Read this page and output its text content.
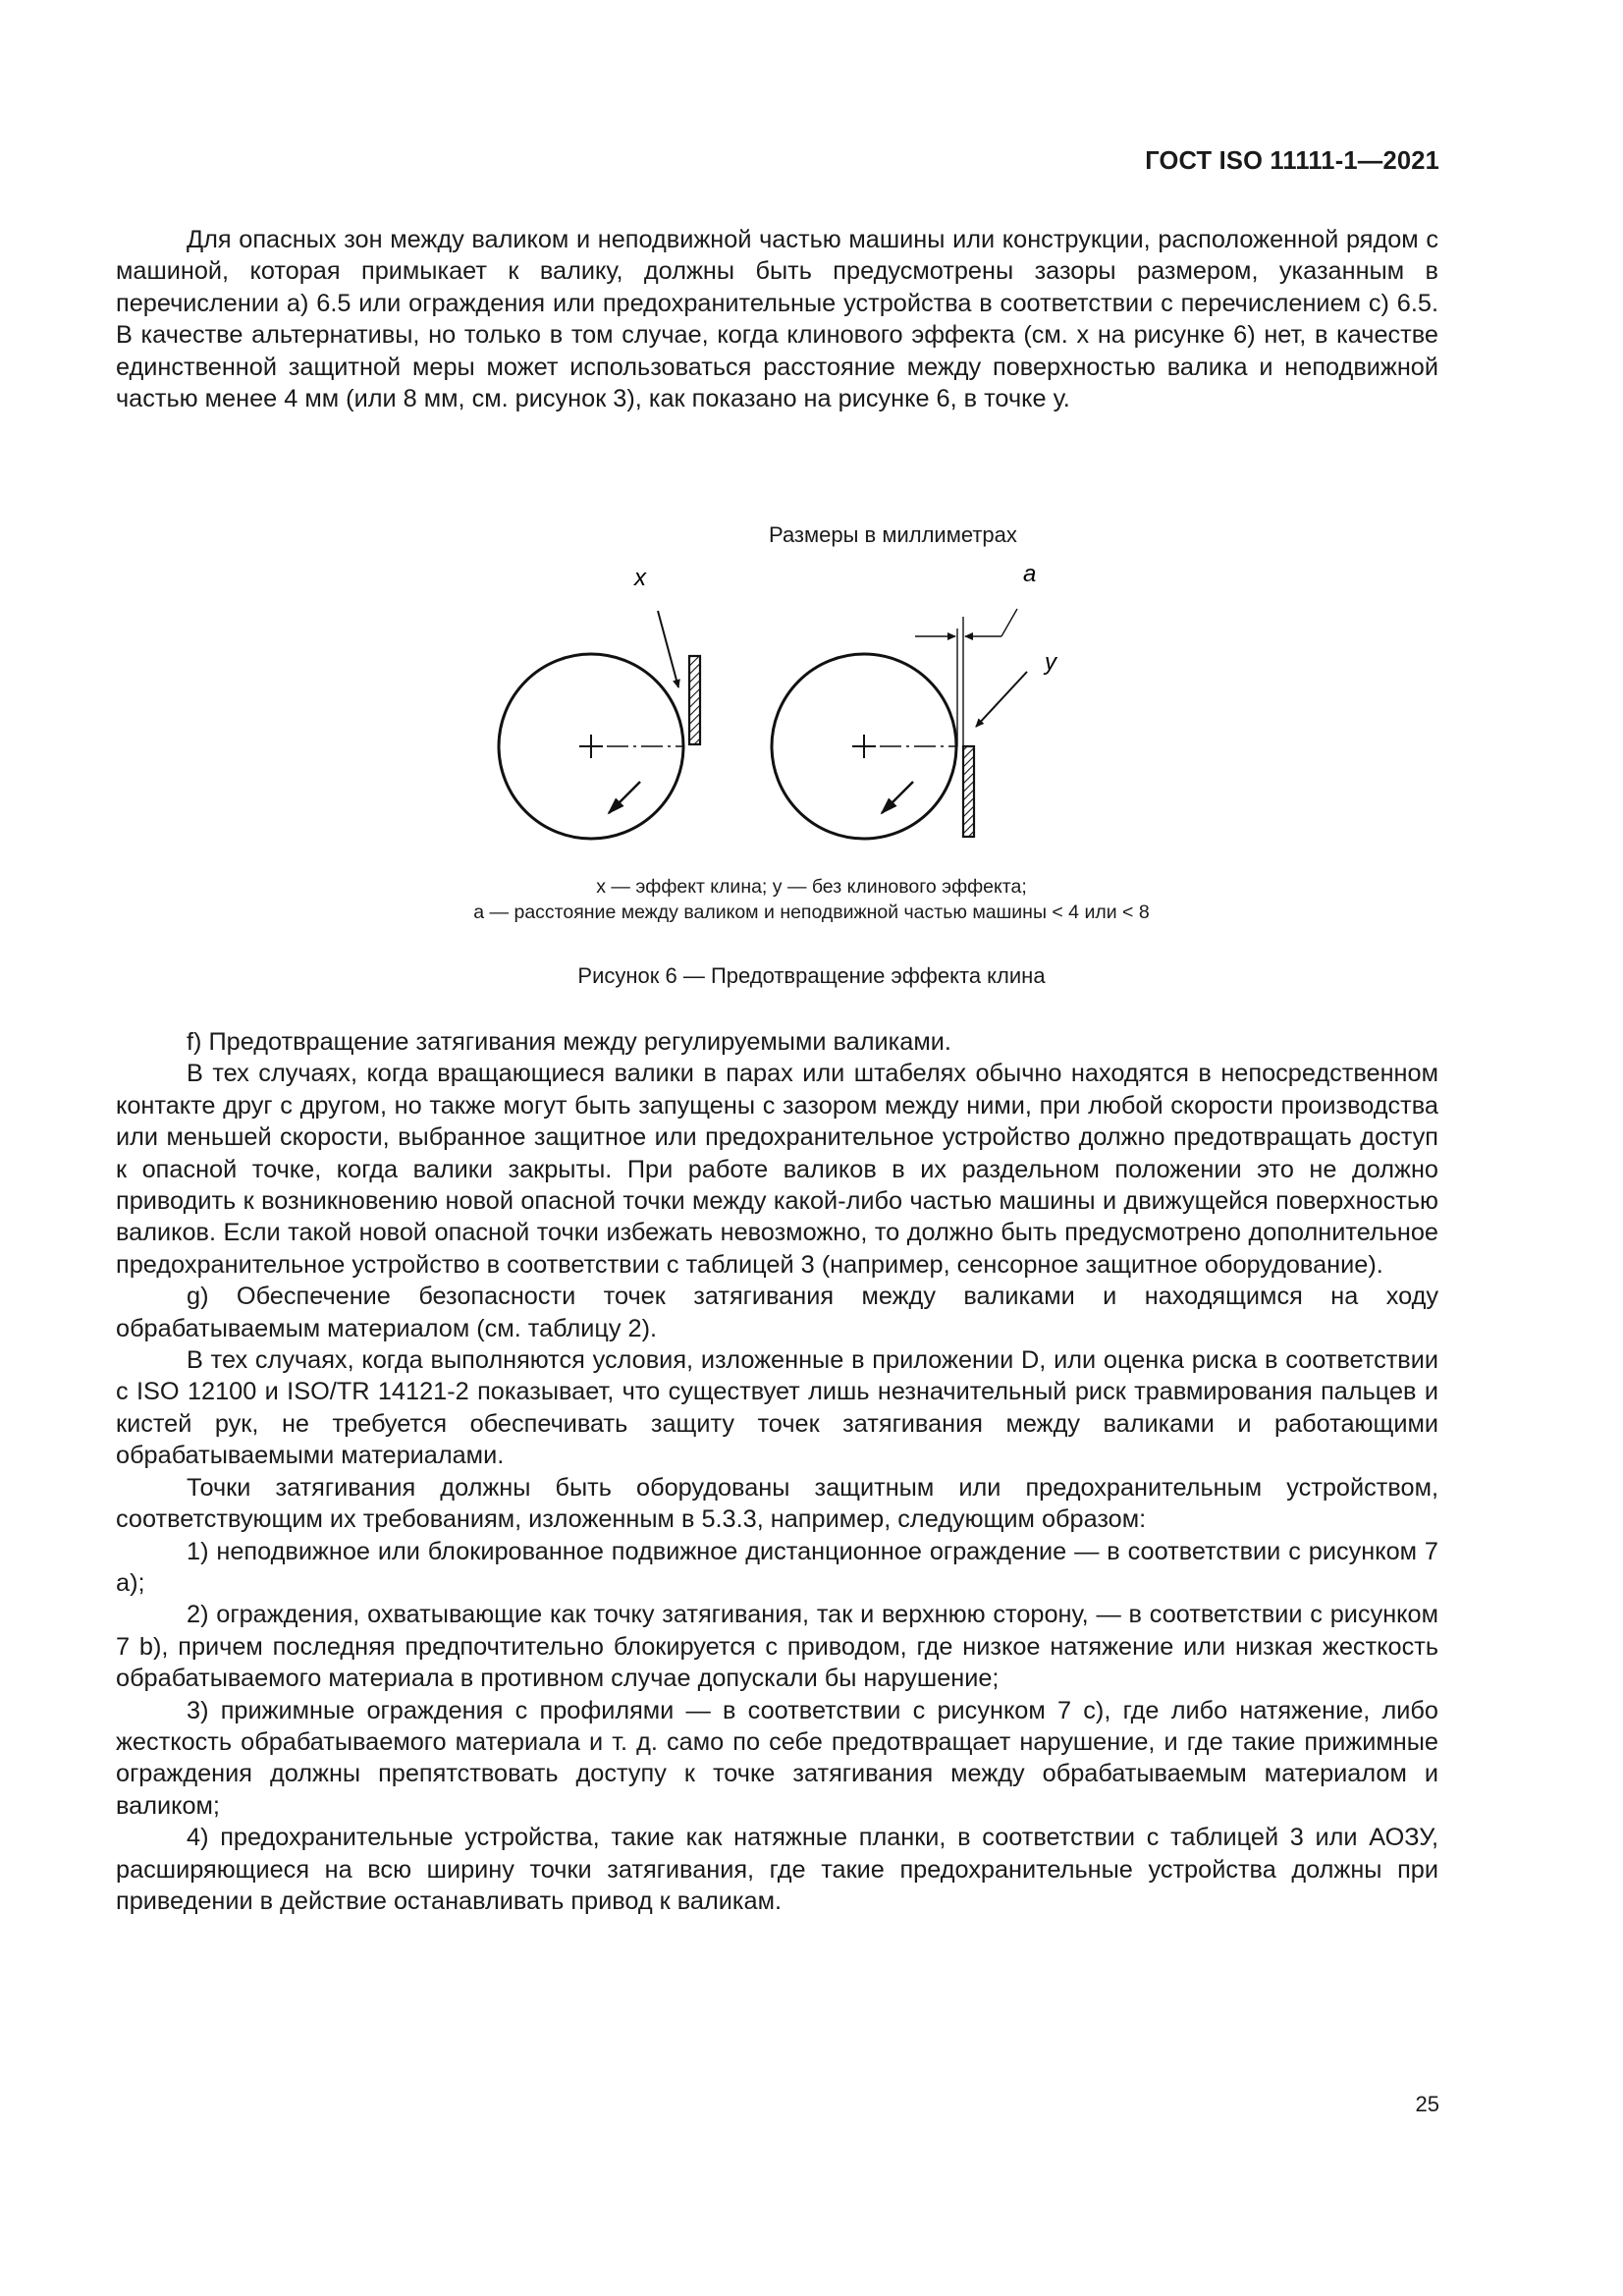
ГОСТ ISO 11111-1—2021

Для опасных зон между валиком и неподвижной частью машины или конструкции, расположенной рядом с машиной, которая примыкает к валику, должны быть предусмотрены зазоры размером, указанным в перечислении а) 6.5 или ограждения или предохранительные устройства в соответствии с перечислением с) 6.5. В качестве альтернативы, но только в том случае, когда клинового эффекта (см. х на рисунке 6) нет, в качестве единственной защитной меры может использоваться расстояние между поверхностью валика и неподвижной частью менее 4 мм (или 8 мм, см. рисунок 3), как показано на рисунке 6, в точке у.

Размеры в миллиметрах
x	a
y
x — эффект клина; y — без клинового эффекта;
a — расстояние между валиком и неподвижной частью машины < 4 или < 8
Рисунок 6 — Предотвращение эффекта клина

f) Предотвращение затягивания между регулируемыми валиками.

В тех случаях, когда вращающиеся валики в парах или штабелях обычно находятся в непосредственном контакте друг с другом, но также могут быть запущены с зазором между ними, при любой скорости производства или меньшей скорости, выбранное защитное или предохранительное устройство должно предотвращать доступ к опасной точке, когда валики закрыты. При работе валиков в их раздельном положении это не должно приводить к возникновению новой опасной точки между какой-либо частью машины и движущейся поверхностью валиков. Если такой новой опасной точки избежать невозможно, то должно быть предусмотрено дополнительное предохранительное устройство в соответствии с таблицей 3 (например, сенсорное защитное оборудование).

g) Обеспечение безопасности точек затягивания между валиками и находящимся на ходу обрабатываемым материалом (см. таблицу 2).

В тех случаях, когда выполняются условия, изложенные в приложении D, или оценка риска в соответствии с ISO 12100 и ISO/TR 14121-2 показывает, что существует лишь незначительный риск травмирования пальцев и кистей рук, не требуется обеспечивать защиту точек затягивания между валиками и работающими обрабатываемыми материалами.

Точки затягивания должны быть оборудованы защитным или предохранительным устройством, соответствующим их требованиям, изложенным в 5.3.3, например, следующим образом:

1) неподвижное или блокированное подвижное дистанционное ограждение — в соответствии с рисунком 7 а);

2) ограждения, охватывающие как точку затягивания, так и верхнюю сторону, — в соответствии с рисунком 7 b), причем последняя предпочтительно блокируется с приводом, где низкое натяжение или низкая жесткость обрабатываемого материала в противном случае допускали бы нарушение;

3) прижимные ограждения с профилями — в соответствии с рисунком 7 с), где либо натяжение, либо жесткость обрабатываемого материала и т. д. само по себе предотвращает нарушение, и где такие прижимные ограждения должны препятствовать доступу к точке затягивания между обрабатываемым материалом и валиком;

4) предохранительные устройства, такие как натяжные планки, в соответствии с таблицей 3 или АОЗУ, расширяющиеся на всю ширину точки затягивания, где такие предохранительные устройства должны при приведении в действие останавливать привод к валикам.

25
